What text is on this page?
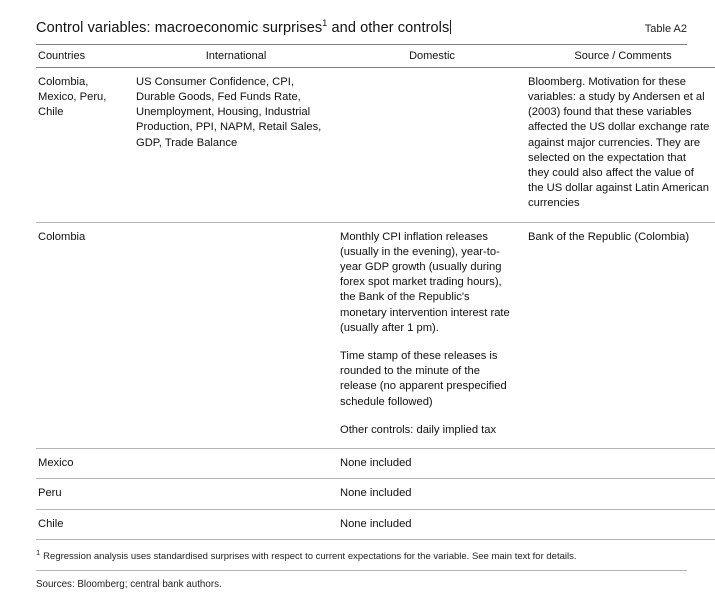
Control variables: macroeconomic surprises$^1$ and other controls	Table A2
Countries	International	Domestic	Source / Comments
Colombia, Mexico, Peru, Chile	US Consumer Confidence, CPI, Durable Goods, Fed Funds Rate, Unemployment, Housing, Industrial Production, PPI, NAPM, Retail Sales, GDP, Trade Balance		Bloomberg. Motivation for these variables: a study by Andersen et al (2003) found that these variables affected the US dollar exchange rate against major currencies. They are selected on the expectation that they could also affect the value of the US dollar against Latin American currencies
Colombia		Monthly CPI inflation releases (usually in the evening), year-to-year GDP growth (usually during forex spot market trading hours), the Bank of the Republic's monetary intervention interest rate (usually after 1 pm).

Time stamp of these releases is rounded to the minute of the release (no apparent prespecified schedule followed)

Other controls: daily implied tax	Bank of the Republic (Colombia)
Mexico		None included	
Peru		None included	
Chile		None included	
$^1$ Regression analysis uses standardised surprises with respect to current expectations for the variable. See main text for details.
Sources: Bloomberg; central bank authors.
